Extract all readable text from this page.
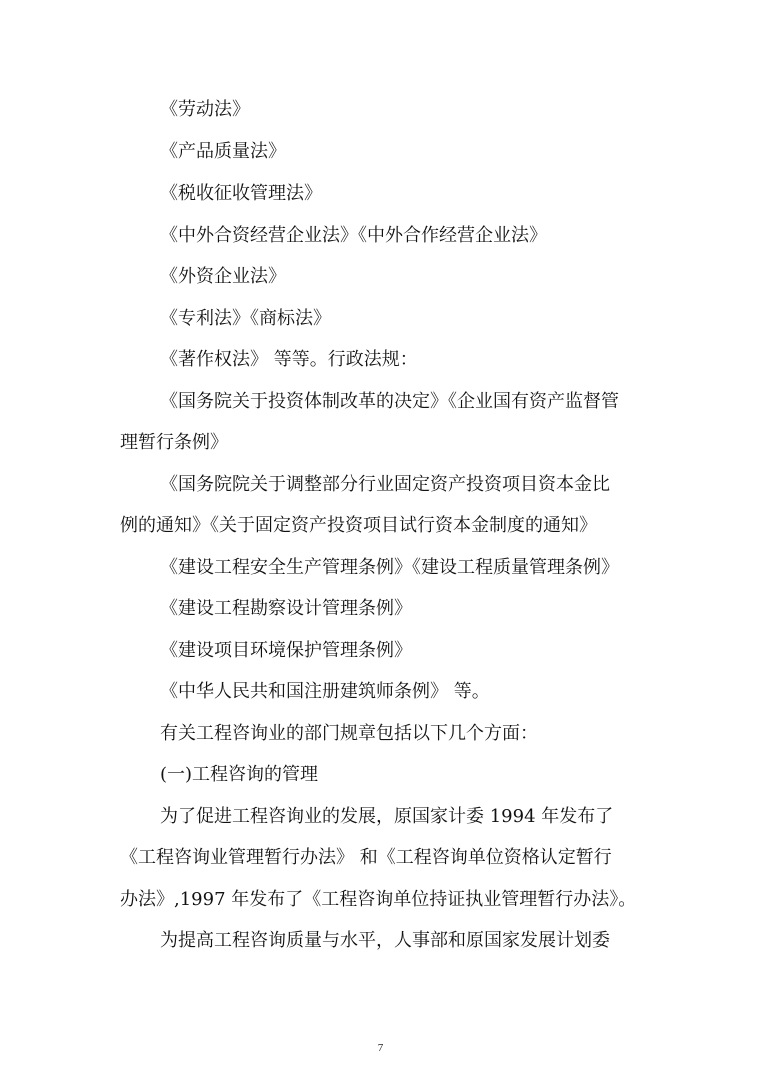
《劳动法》
《产品质量法》
《税收征收管理法》
《中外合资经营企业法》《中外合作经营企业法》
《外资企业法》
《专利法》《商标法》
《著作权法》 等等。行政法规：
《国务院关于投资体制改革的决定》《企业国有资产监督管
理暂行条例》
《国务院院关于调整部分行业固定资产投资项目资本金比
例的通知》《关于固定资产投资项目试行资本金制度的通知》
《建设工程安全生产管理条例》《建设工程质量管理条例》
《建设工程勘察设计管理条例》
《建设项目环境保护管理条例》
《中华人民共和国注册建筑师条例》 等。
有关工程咨询业的部门规章包括以下几个方面：
(一)工程咨询的管理
为了促进工程咨询业的发展，原国家计委 1994 年发布了
《工程咨询业管理暂行办法》 和《工程咨询单位资格认定暂行
办法》,1997 年发布了《工程咨询单位持证执业管理暂行办法》。
为提高工程咨询质量与水平，人事部和原国家发展计划委
7
